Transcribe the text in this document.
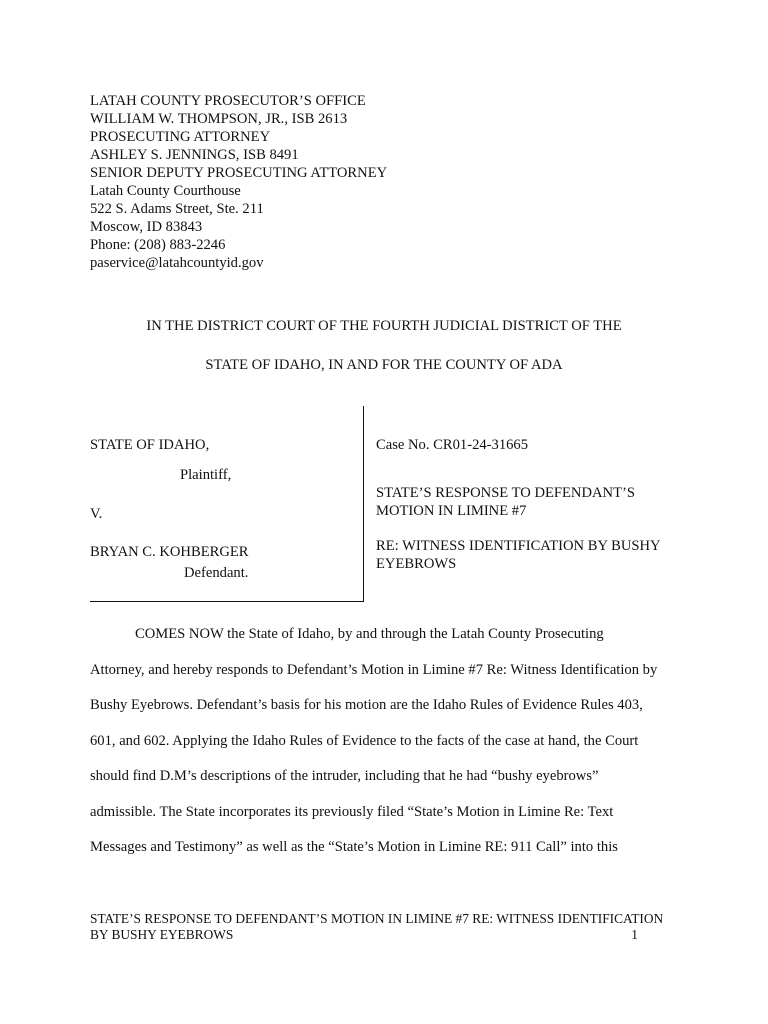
LATAH COUNTY PROSECUTOR’S OFFICE
WILLIAM W. THOMPSON, JR., ISB 2613
PROSECUTING ATTORNEY
ASHLEY S. JENNINGS, ISB 8491
SENIOR DEPUTY PROSECUTING ATTORNEY
Latah County Courthouse
522 S. Adams Street, Ste. 211
Moscow, ID 83843
Phone: (208) 883-2246
paservice@latahcountyid.gov
IN THE DISTRICT COURT OF THE FOURTH JUDICIAL DISTRICT OF THE
STATE OF IDAHO, IN AND FOR THE COUNTY OF ADA
STATE OF IDAHO,
Plaintiff,
V.
BRYAN C. KOHBERGER
Defendant.
Case No. CR01-24-31665
STATE’S RESPONSE TO DEFENDANT’S
MOTION IN LIMINE #7
RE: WITNESS IDENTIFICATION BY BUSHY
EYEBROWS
COMES NOW the State of Idaho, by and through the Latah County Prosecuting
Attorney, and hereby responds to Defendant’s Motion in Limine #7 Re: Witness Identification by
Bushy Eyebrows. Defendant’s basis for his motion are the Idaho Rules of Evidence Rules 403,
601, and 602. Applying the Idaho Rules of Evidence to the facts of the case at hand, the Court
should find D.M’s descriptions of the intruder, including that he had “bushy eyebrows”
admissible. The State incorporates its previously filed “State’s Motion in Limine Re: Text
Messages and Testimony” as well as the “State’s Motion in Limine RE: 911 Call” into this
STATE’S RESPONSE TO DEFENDANT’S MOTION IN LIMINE #7 RE: WITNESS IDENTIFICATION
BY BUSHY EYEBROWS	1
